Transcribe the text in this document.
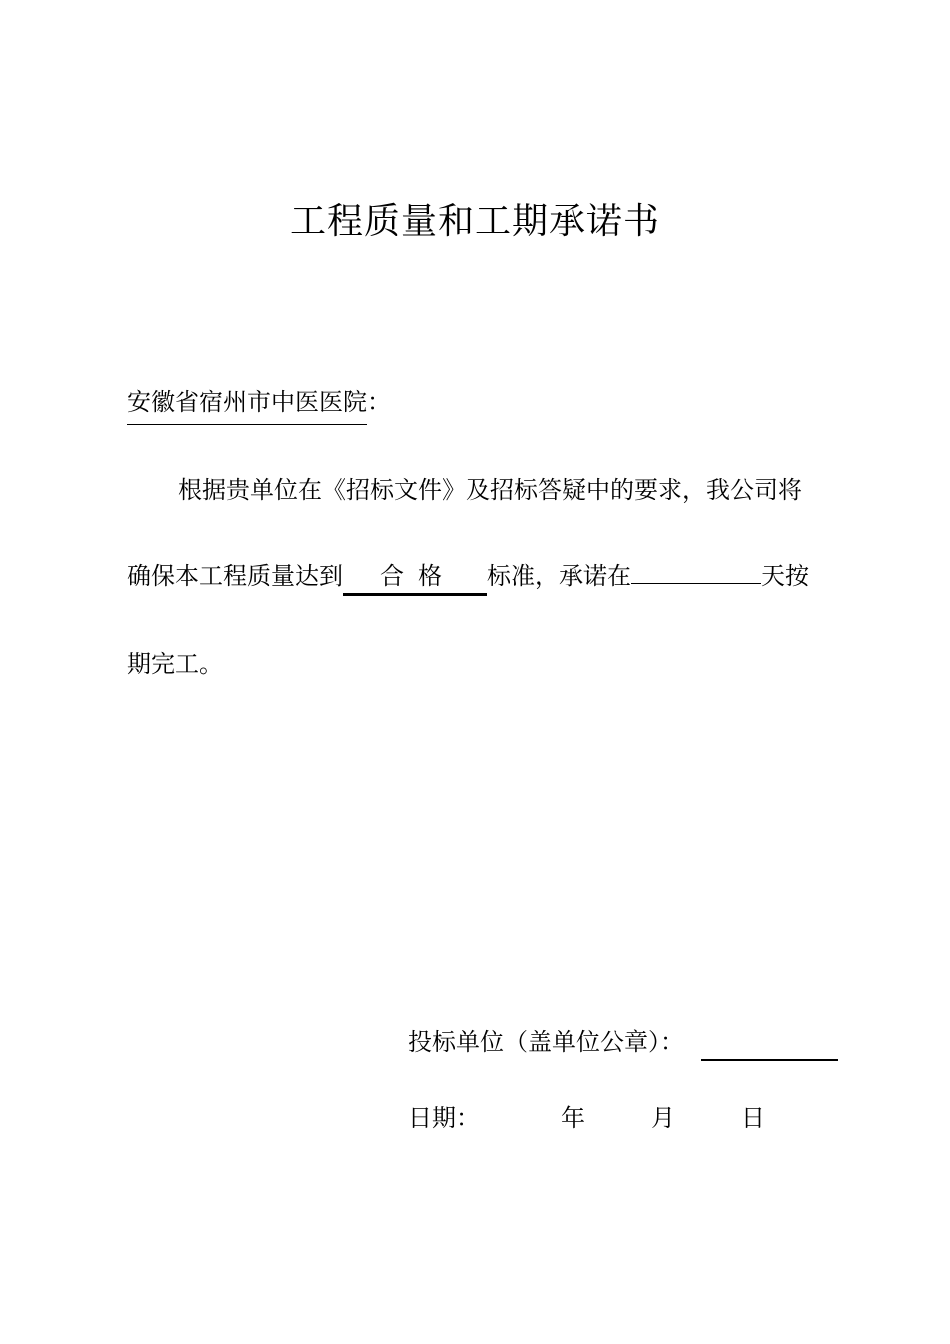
工程质量和工期承诺书
安徽省宿州市中医医院：
根据贵单位在《招标文件》及招标答疑中的要求，我公司将
确保本工程质量达到 合格 标准，承诺在	天按
期完工。
投标单位（盖单位公章）：
日期：	年	月	日
